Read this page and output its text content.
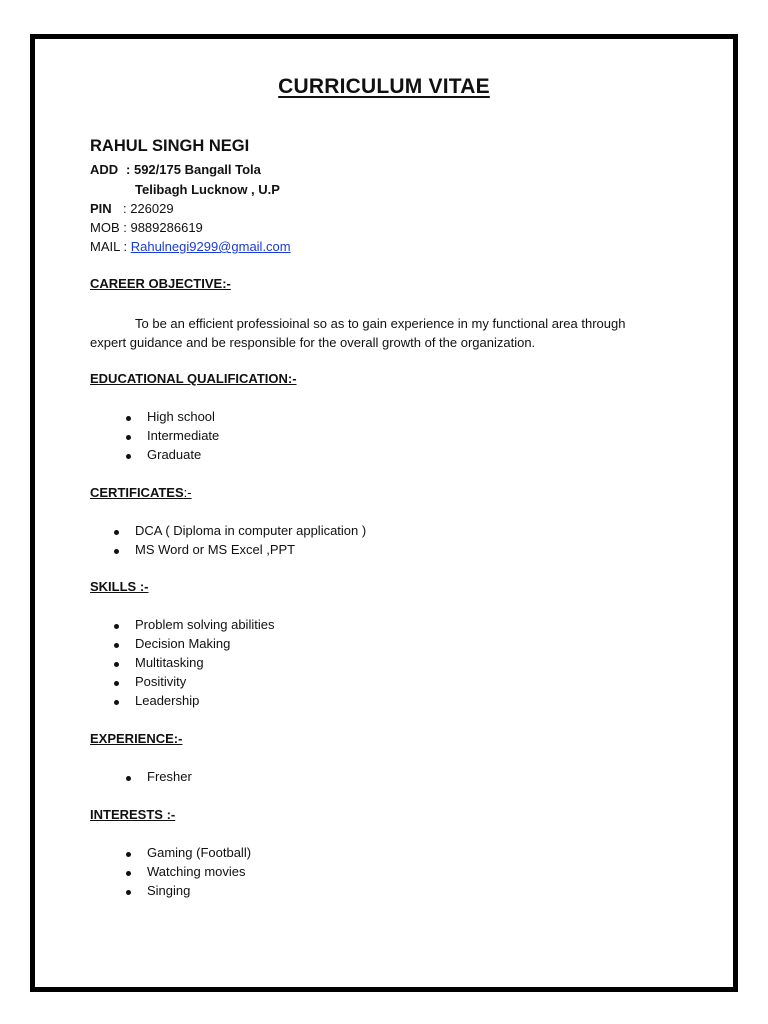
CURRICULUM VITAE
RAHUL SINGH NEGI
ADD : 592/175 Bangall Tola
Telibagh Lucknow , U.P
PIN : 226029
MOB : 9889286619
MAIL : Rahulnegi9299@gmail.com
CAREER OBJECTIVE:-
To be an efficient professioinal so as to gain experience in my functional area through
expert guidance and be responsible for the overall growth of the organization.
EDUCATIONAL QUALIFICATION:-
High school
Intermediate
Graduate
CERTIFICATES:-
DCA ( Diploma in computer application )
MS Word or MS Excel ,PPT
SKILLS :-
Problem solving abilities
Decision Making
Multitasking
Positivity
Leadership
EXPERIENCE:-
Fresher
INTERESTS :-
Gaming (Football)
Watching movies
Singing
